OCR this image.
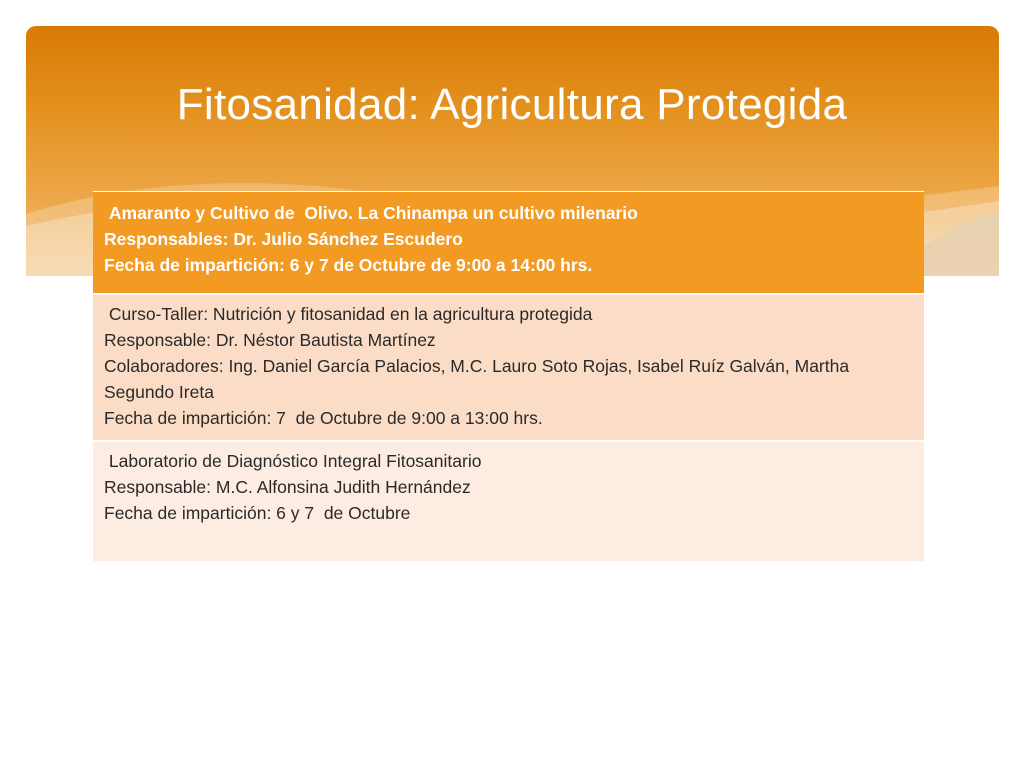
Fitosanidad: Agricultura Protegida
Amaranto y Cultivo de  Olivo. La Chinampa un cultivo milenario
Responsables: Dr. Julio Sánchez Escudero
Fecha de impartición: 6 y 7 de Octubre de 9:00 a 14:00 hrs.
Curso-Taller: Nutrición y fitosanidad en la agricultura protegida
Responsable: Dr. Néstor Bautista Martínez
Colaboradores: Ing. Daniel García Palacios, M.C. Lauro Soto Rojas, Isabel Ruíz Galván, Martha Segundo Ireta
Fecha de impartición: 7  de Octubre de 9:00 a 13:00 hrs.
Laboratorio de Diagnóstico Integral Fitosanitario
Responsable: M.C. Alfonsina Judith Hernández
Fecha de impartición: 6 y 7  de Octubre
